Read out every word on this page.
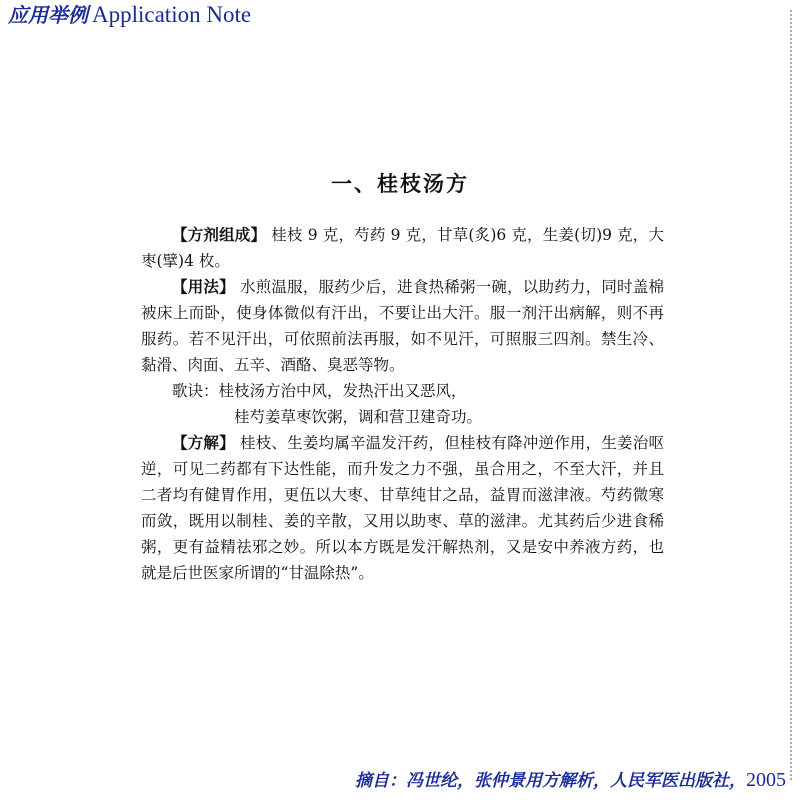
应用举例 Application Note
一、桂枝汤方

【方剂组成】 桂枝 9 克，芍药 9 克，甘草(炙)6 克，生姜(切)9 克，大枣(擘)4 枚。

【用法】 水煎温服，服药少后，进食热稀粥一碗，以助药力，同时盖棉被床上而卧，使身体微似有汗出，不要让出大汗。服一剂汗出病解，则不再服药。若不见汗出，可依照前法再服，如不见汗，可照服三四剂。禁生冷、黏滑、肉面、五辛、酒酪、臭恶等物。

歌诀：桂枝汤方治中风，发热汗出又恶风，

桂芍姜草枣饮粥，调和营卫建奇功。

【方解】 桂枝、生姜均属辛温发汗药，但桂枝有降冲逆作用，生姜治呕逆，可见二药都有下达性能，而升发之力不强，虽合用之，不至大汗，并且二者均有健胃作用，更伍以大枣、甘草纯甘之品，益胃而滋津液。芍药微寒而敛，既用以制桂、姜的辛散，又用以助枣、草的滋津。尤其药后少进食稀粥，更有益精祛邪之妙。所以本方既是发汗解热剂，又是安中养液方药，也就是后世医家所谓的“甘温除热”。

摘自：冯世纶，张仲景用方解析，人民军医出版社，2005
